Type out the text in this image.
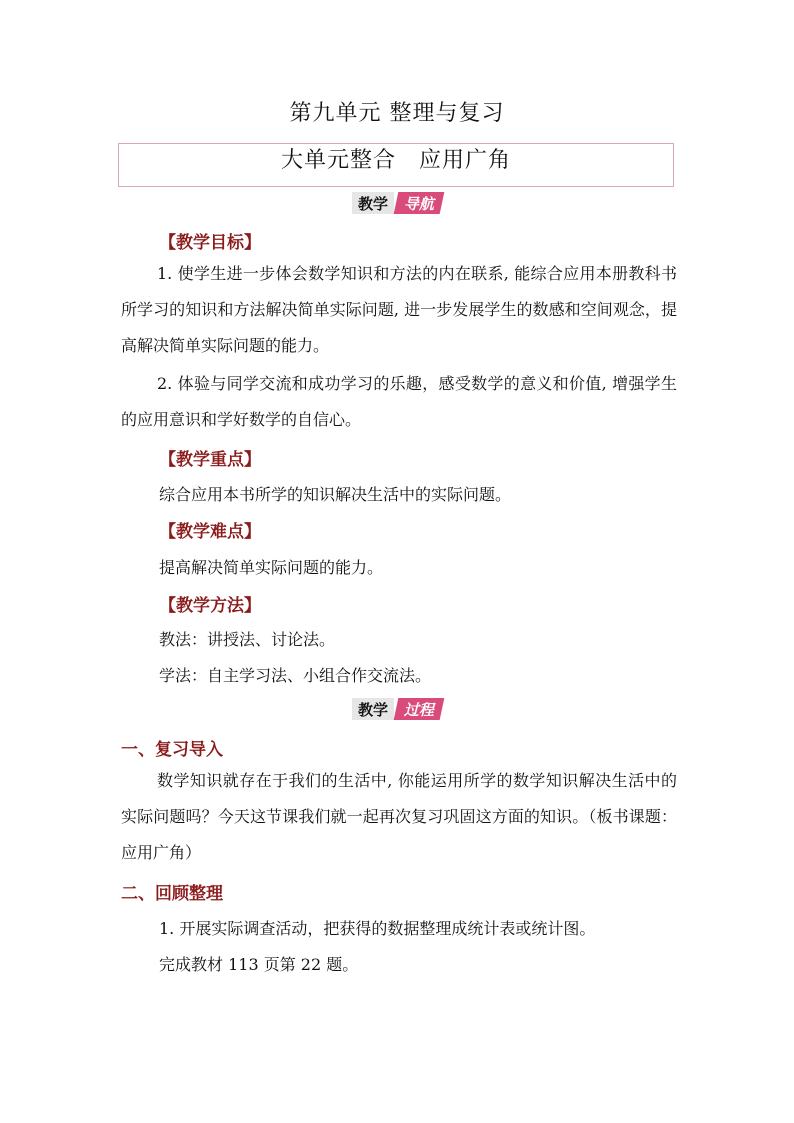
第九单元 整理与复习
大单元整合　应用广角
教学	导航
【教学目标】
1. 使学生进一步体会数学知识和方法的内在联系, 能综合应用本册教科书所学习的知识和方法解决简单实际问题, 进一步发展学生的数感和空间观念，提高解决简单实际问题的能力。
2. 体验与同学交流和成功学习的乐趣，感受数学的意义和价值, 增强学生的应用意识和学好数学的自信心。
【教学重点】
综合应用本书所学的知识解决生活中的实际问题。
【教学难点】
提高解决简单实际问题的能力。
【教学方法】
教法：讲授法、讨论法。
学法：自主学习法、小组合作交流法。
教学	过程
一、复习导入
数学知识就存在于我们的生活中, 你能运用所学的数学知识解决生活中的实际问题吗？今天这节课我们就一起再次复习巩固这方面的知识。（板书课题：应用广角）
二、回顾整理
1. 开展实际调查活动，把获得的数据整理成统计表或统计图。
完成教材 113 页第 22 题。
